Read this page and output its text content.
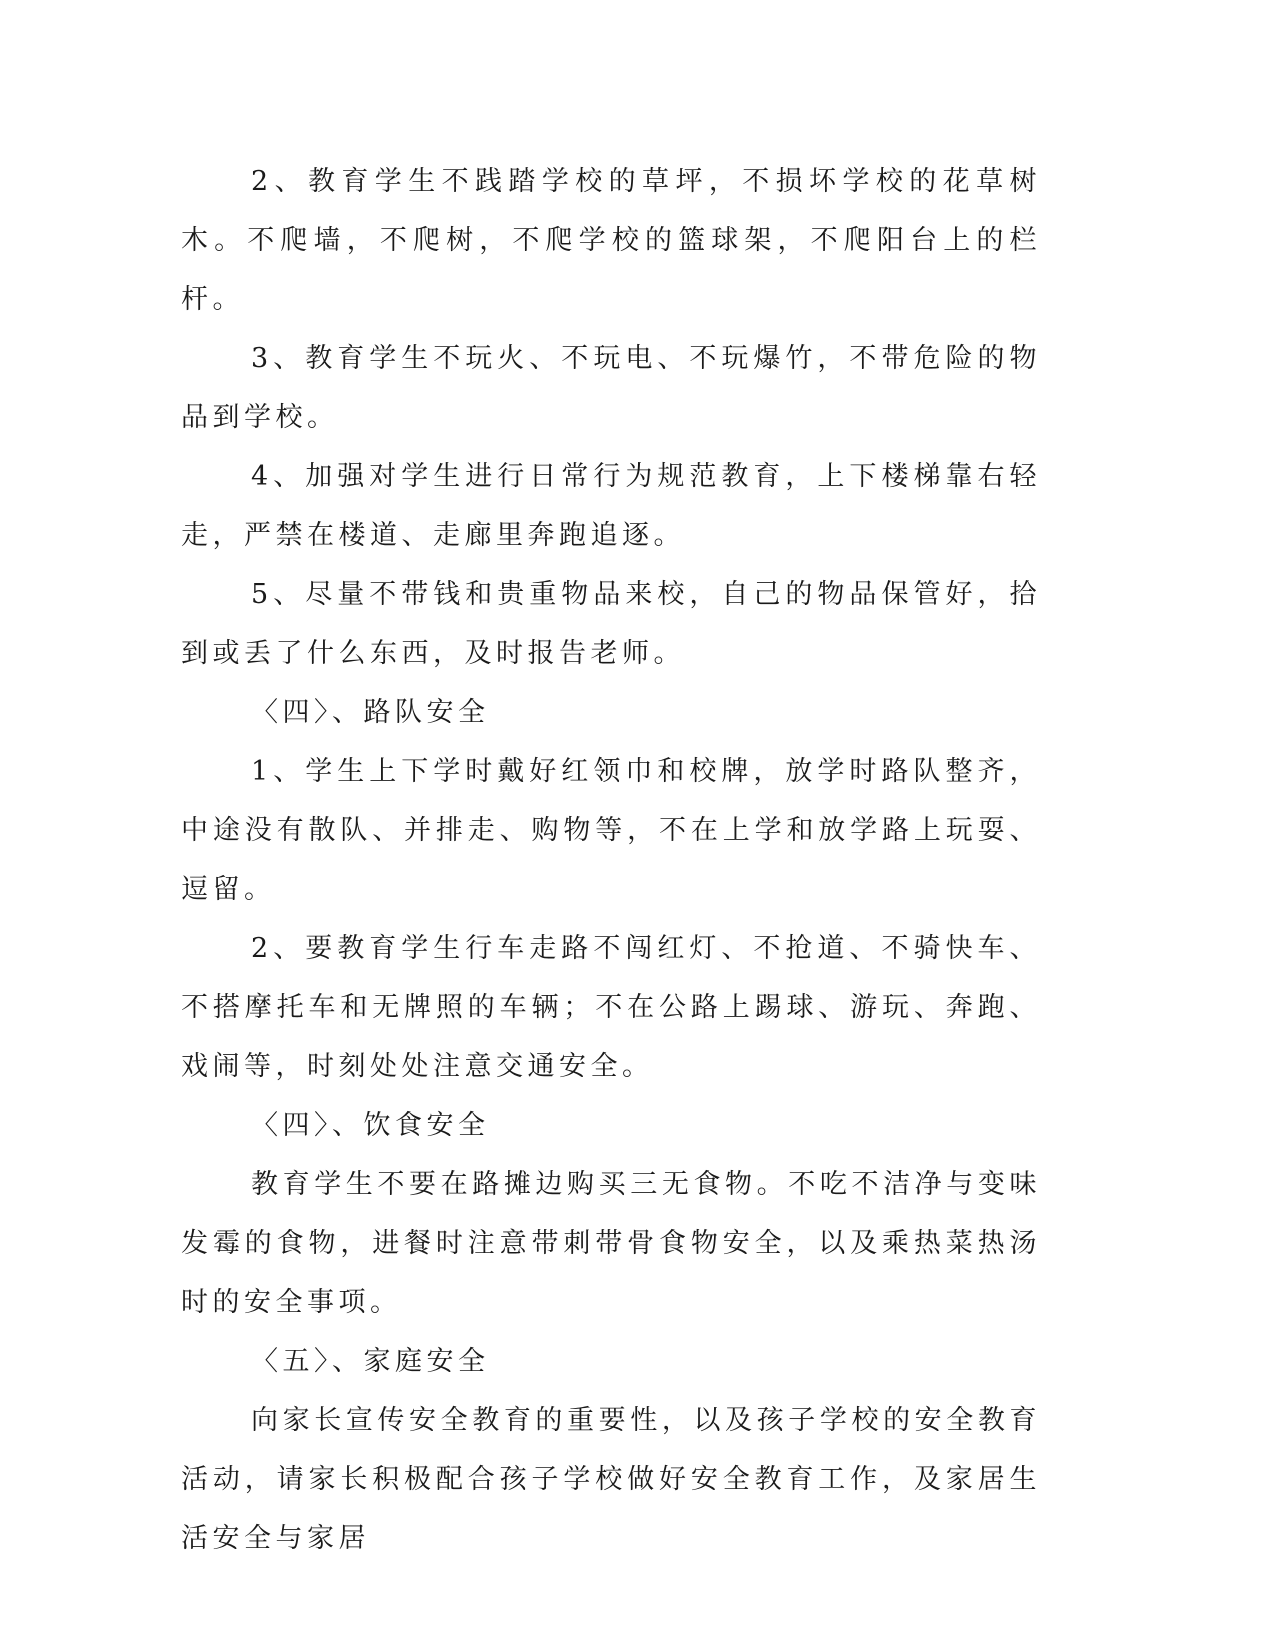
2、教育学生不践踏学校的草坪，不损坏学校的花草树木。不爬墙，不爬树，不爬学校的篮球架，不爬阳台上的栏杆。

3、教育学生不玩火、不玩电、不玩爆竹，不带危险的物品到学校。

4、加强对学生进行日常行为规范教育，上下楼梯靠右轻走，严禁在楼道、走廊里奔跑追逐。

5、尽量不带钱和贵重物品来校，自己的物品保管好，拾到或丢了什么东西，及时报告老师。

〈四〉、路队安全

1、学生上下学时戴好红领巾和校牌，放学时路队整齐，中途没有散队、并排走、购物等，不在上学和放学路上玩耍、逗留。

2、要教育学生行车走路不闯红灯、不抢道、不骑快车、不搭摩托车和无牌照的车辆；不在公路上踢球、游玩、奔跑、戏闹等，时刻处处注意交通安全。

〈四〉、饮食安全

教育学生不要在路摊边购买三无食物。不吃不洁净与变味发霉的食物，进餐时注意带刺带骨食物安全，以及乘热菜热汤时的安全事项。

〈五〉、家庭安全

向家长宣传安全教育的重要性，以及孩子学校的安全教育活动，请家长积极配合孩子学校做好安全教育工作，及家居生活安全与家居
